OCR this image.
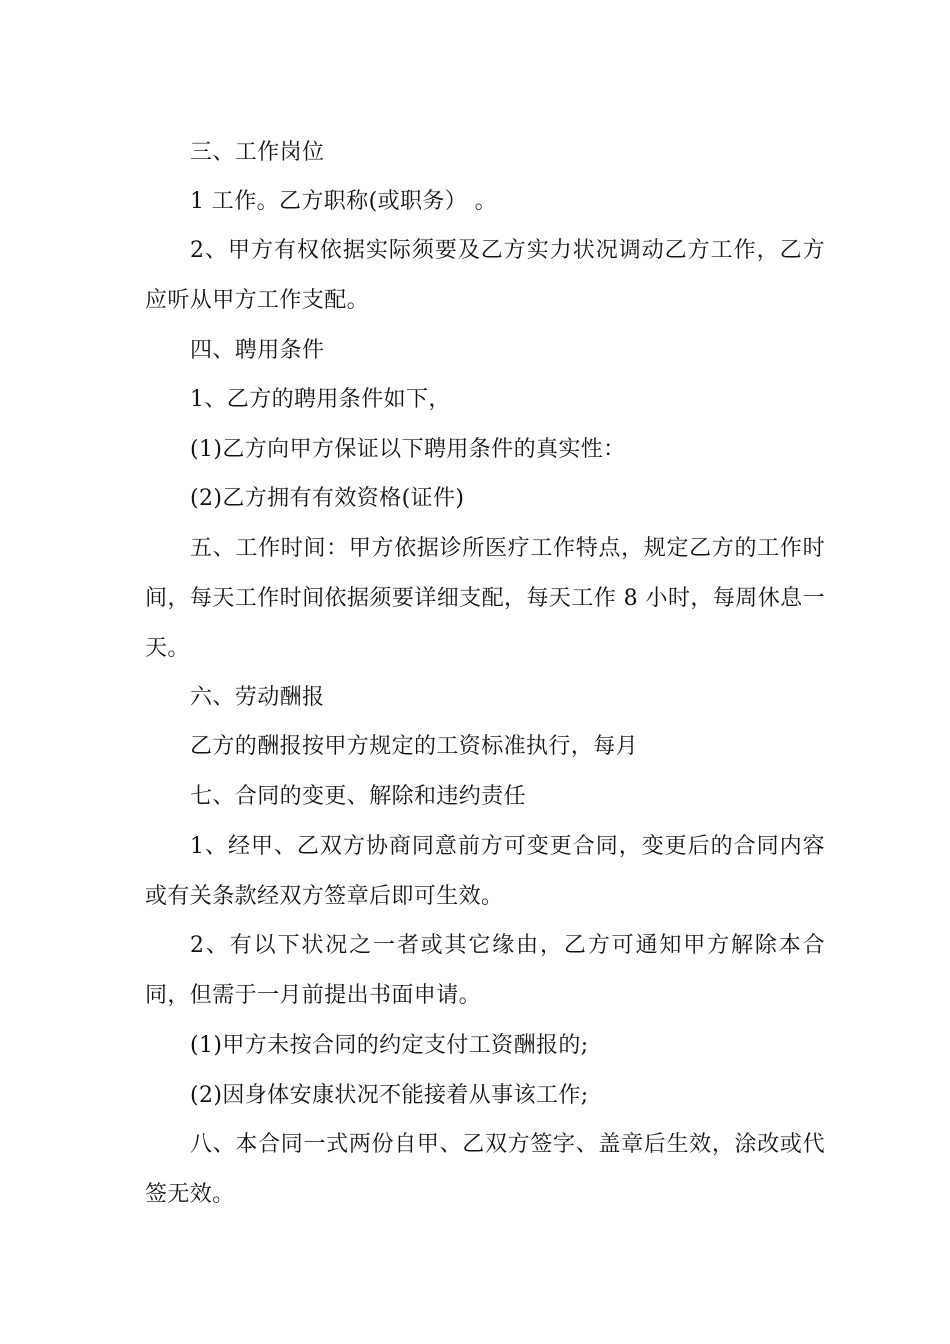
三、工作岗位

1 工作。乙方职称(或职务） 。

2、甲方有权依据实际须要及乙方实力状况调动乙方工作，乙方应听从甲方工作支配。

四、聘用条件

1、乙方的聘用条件如下，

(1)乙方向甲方保证以下聘用条件的真实性：

(2)乙方拥有有效资格(证件)

五、工作时间：甲方依据诊所医疗工作特点，规定乙方的工作时间，每天工作时间依据须要详细支配，每天工作 8 小时，每周休息一天。

六、劳动酬报

乙方的酬报按甲方规定的工资标准执行，每月

七、合同的变更、解除和违约责任

1、经甲、乙双方协商同意前方可变更合同，变更后的合同内容或有关条款经双方签章后即可生效。

2、有以下状况之一者或其它缘由，乙方可通知甲方解除本合同，但需于一月前提出书面申请。

(1)甲方未按合同的约定支付工资酬报的;

(2)因身体安康状况不能接着从事该工作;

八、本合同一式两份自甲、乙双方签字、盖章后生效，涂改或代签无效。
